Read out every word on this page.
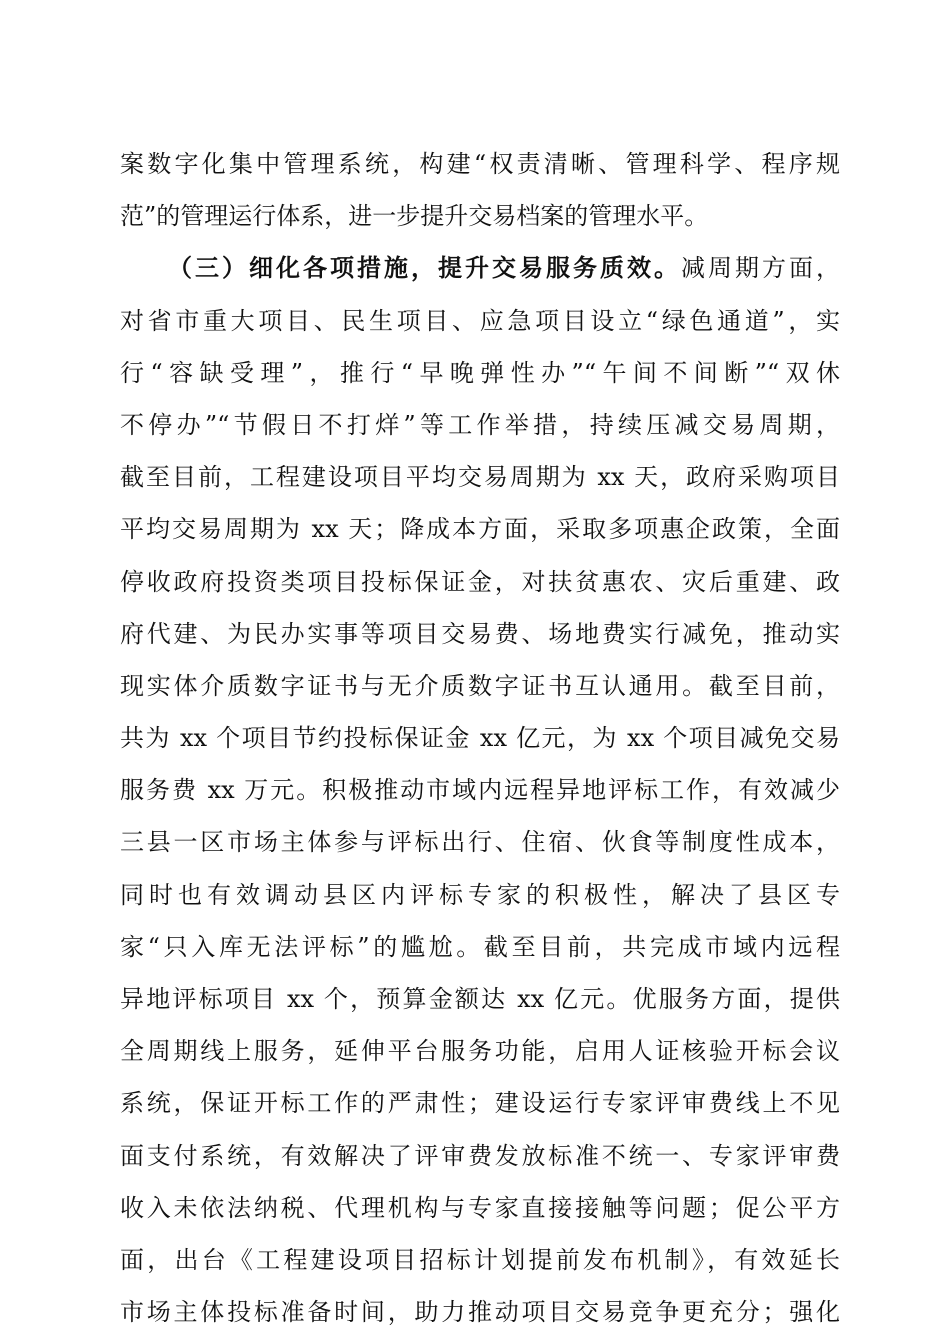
案数字化集中管理系统，构建“权责清晰、管理科学、程序规
范”的管理运行体系，进一步提升交易档案的管理水平。
（三）细化各项措施，提升交易服务质效。减周期方面，
对省市重大项目、民生项目、应急项目设立“绿色通道”，实
行“容缺受理”，推行“早晚弹性办”“午间不间断”“双休
不停办”“节假日不打烊”等工作举措，持续压减交易周期，
截至目前，工程建设项目平均交易周期为 xx 天，政府采购项目
平均交易周期为 xx 天；降成本方面，采取多项惠企政策，全面
停收政府投资类项目投标保证金，对扶贫惠农、灾后重建、政
府代建、为民办实事等项目交易费、场地费实行减免，推动实
现实体介质数字证书与无介质数字证书互认通用。截至目前，
共为 xx 个项目节约投标保证金 xx 亿元，为 xx 个项目减免交易
服务费 xx 万元。积极推动市域内远程异地评标工作，有效减少
三县一区市场主体参与评标出行、住宿、伙食等制度性成本，
同时也有效调动县区内评标专家的积极性，解决了县区专
家“只入库无法评标”的尴尬。截至目前，共完成市域内远程
异地评标项目 xx 个，预算金额达 xx 亿元。优服务方面，提供
全周期线上服务，延伸平台服务功能，启用人证核验开标会议
系统，保证开标工作的严肃性；建设运行专家评审费线上不见
面支付系统，有效解决了评审费发放标准不统一、专家评审费
收入未依法纳税、代理机构与专家直接接触等问题；促公平方
面，出台《工程建设项目招标计划提前发布机制》，有效延长
市场主体投标准备时间，助力推动项目交易竞争更充分；强化
